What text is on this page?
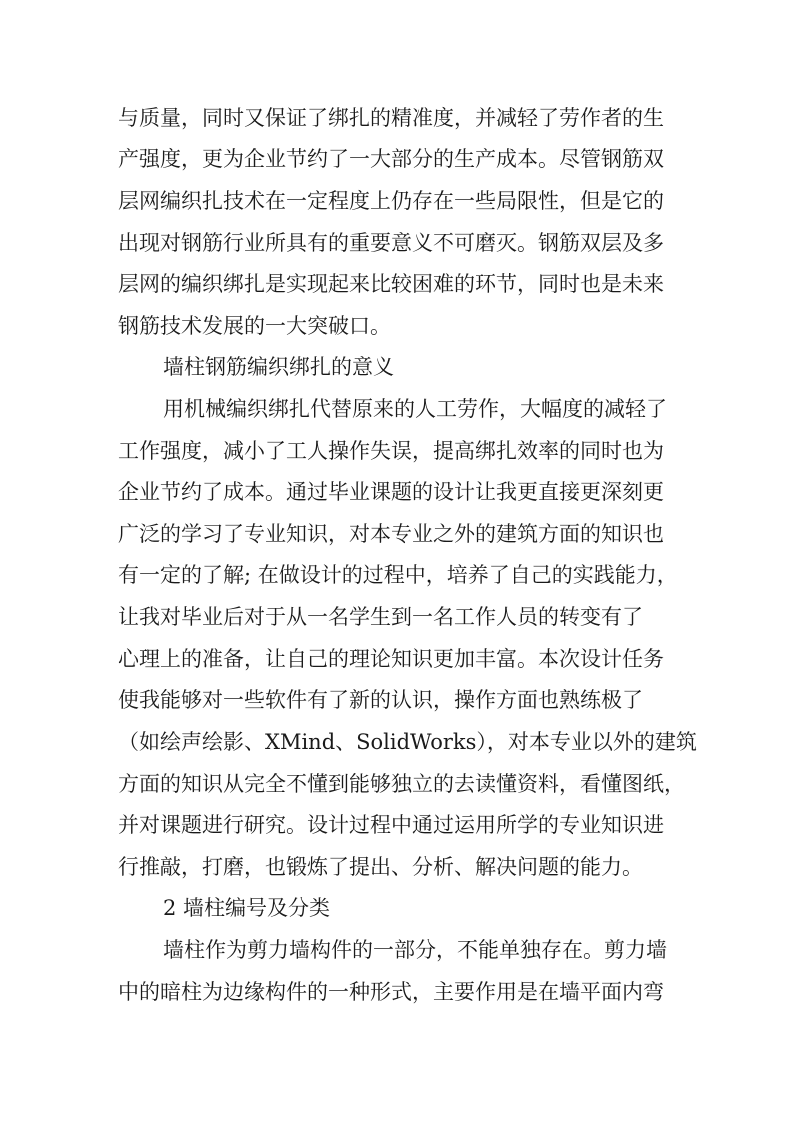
与质量，同时又保证了绑扎的精准度，并减轻了劳作者的生
产强度，更为企业节约了一大部分的生产成本。尽管钢筋双
层网编织扎技术在一定程度上仍存在一些局限性，但是它的
出现对钢筋行业所具有的重要意义不可磨灭。钢筋双层及多
层网的编织绑扎是实现起来比较困难的环节，同时也是未来
钢筋技术发展的一大突破口。
墙柱钢筋编织绑扎的意义
用机械编织绑扎代替原来的人工劳作，大幅度的减轻了
工作强度，减小了工人操作失误，提高绑扎效率的同时也为
企业节约了成本。通过毕业课题的设计让我更直接更深刻更
广泛的学习了专业知识，对本专业之外的建筑方面的知识也
有一定的了解; 在做设计的过程中，培养了自己的实践能力，
让我对毕业后对于从一名学生到一名工作人员的转变有了
心理上的准备，让自己的理论知识更加丰富。本次设计任务
使我能够对一些软件有了新的认识，操作方面也熟练极了
（如绘声绘影、XMind、SolidWorks），对本专业以外的建筑
方面的知识从完全不懂到能够独立的去读懂资料，看懂图纸，
并对课题进行研究。设计过程中通过运用所学的专业知识进
行推敲，打磨，也锻炼了提出、分析、解决问题的能力。
2 墙柱编号及分类
墙柱作为剪力墙构件的一部分，不能单独存在。剪力墙
中的暗柱为边缘构件的一种形式，主要作用是在墙平面内弯
